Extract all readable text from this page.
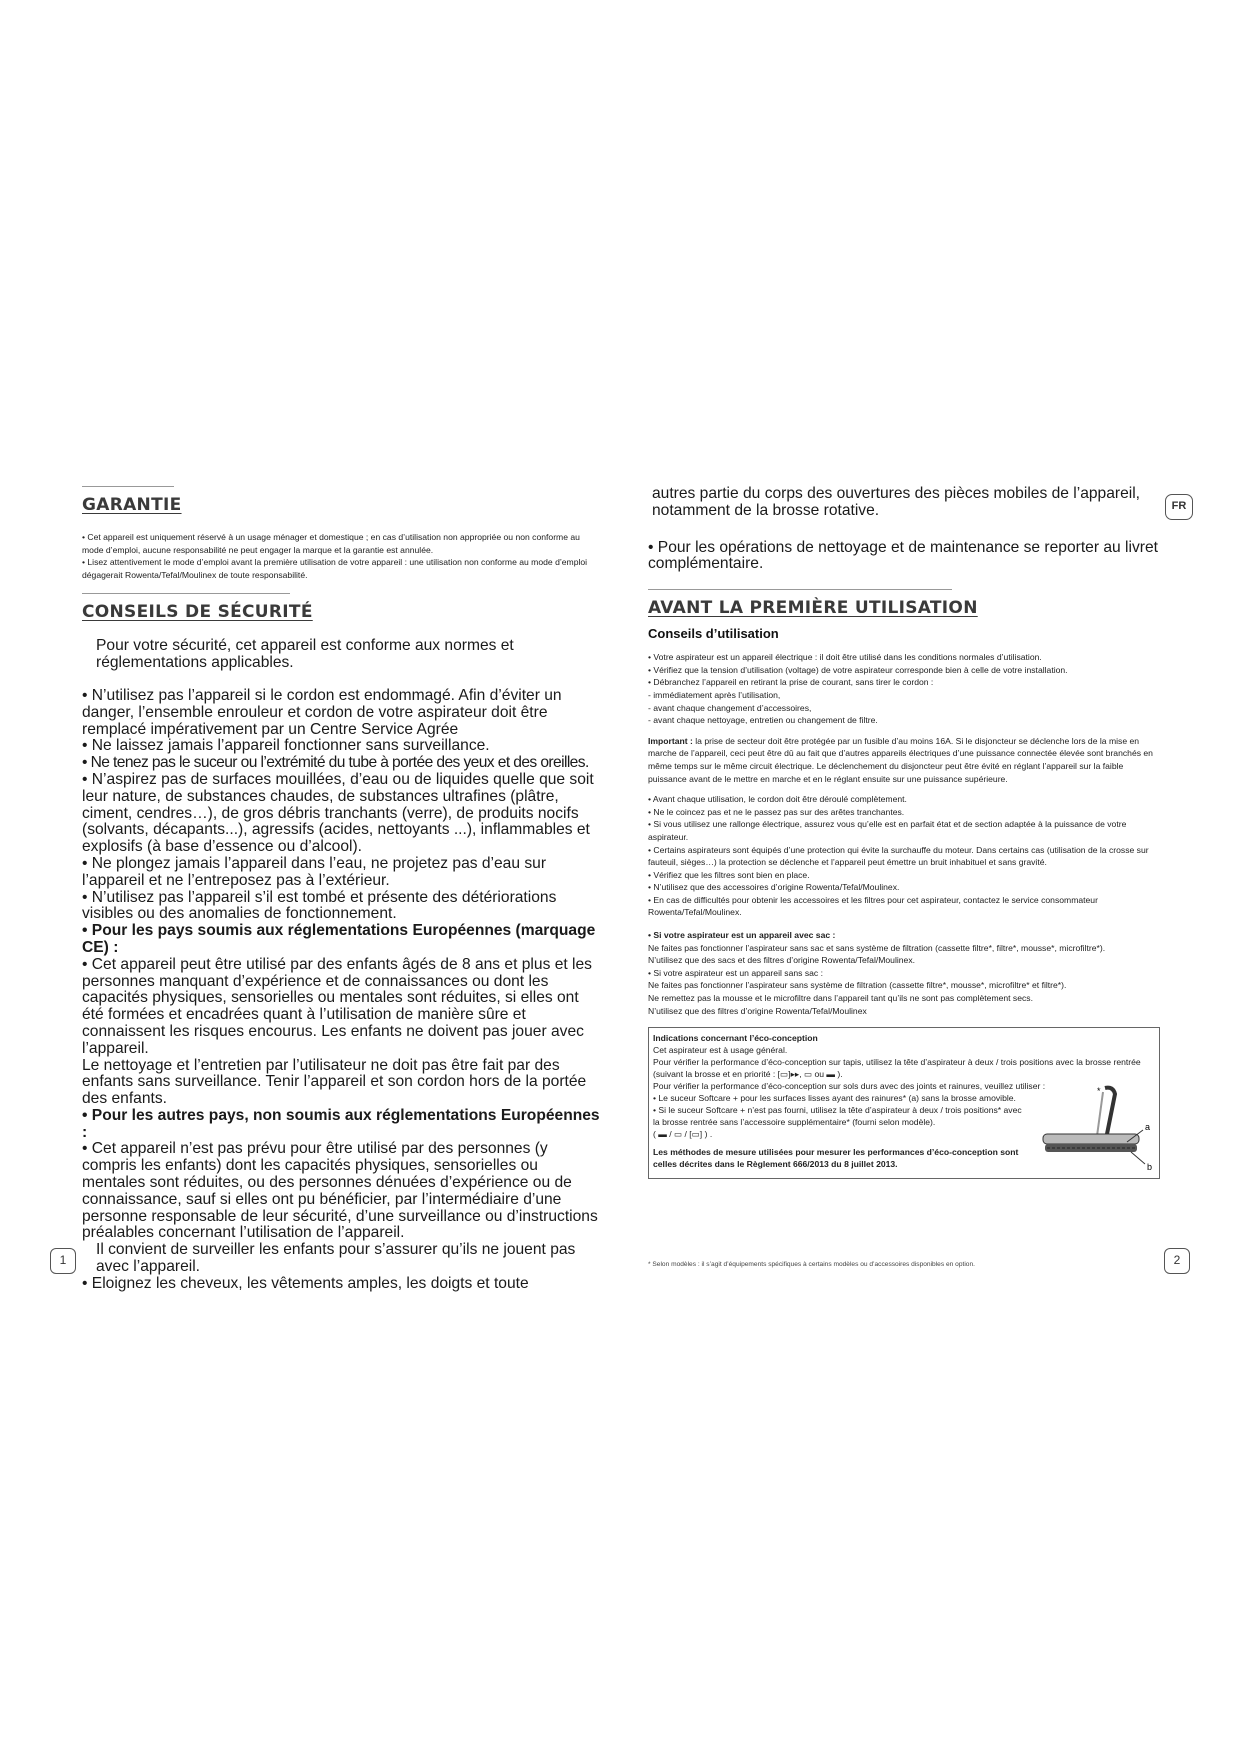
GARANTIE

• Cet appareil est uniquement réservé à un usage ménager et domestique ; en cas d’utilisation non appropriée ou non conforme au mode d’emploi, aucune responsabilité ne peut engager la marque et la garantie est annulée.

• Lisez attentivement le mode d’emploi avant la première utilisation de votre appareil : une utilisation non conforme au mode d’emploi dégagerait Rowenta/Tefal/Moulinex de toute responsabilité.

CONSEILS DE SÉCURITÉ

Pour votre sécurité, cet appareil est conforme aux normes et réglementations applicables.

• N’utilisez pas l’appareil si le cordon est endommagé. Afin d’éviter un danger, l’ensemble enrouleur et cordon de votre aspirateur doit être remplacé impérativement par un Centre Service Agrée

• Ne laissez jamais l’appareil fonctionner sans surveillance.

• Ne tenez pas le suceur ou l’extrémité du tube à portée des yeux et des oreilles.

• N’aspirez pas de surfaces mouillées, d’eau ou de liquides quelle que soit leur nature, de substances chaudes, de substances ultrafines (plâtre, ciment, cendres…), de gros débris tranchants (verre), de produits nocifs (solvants, décapants...), agressifs (acides, nettoyants ...), inflammables et explosifs (à base d’essence ou d’alcool).

• Ne plongez jamais l’appareil dans l’eau, ne projetez pas d’eau sur l’appareil et ne l’entreposez pas à l’extérieur.

• N’utilisez pas l’appareil s’il est tombé et présente des détériorations visibles ou des anomalies de fonctionnement.

• Pour les pays soumis aux réglementations Européennes (marquage CE) :

• Cet appareil peut être utilisé par des enfants âgés de 8 ans et plus et les personnes manquant d’expérience et de connaissances ou dont les capacités physiques, sensorielles ou mentales sont réduites, si elles ont été formées et encadrées quant à l’utilisation de manière sûre et connaissent les risques encourus. Les enfants ne doivent pas jouer avec l’appareil.

Le nettoyage et l’entretien par l’utilisateur ne doit pas être fait par des enfants sans surveillance. Tenir l’appareil et son cordon hors de la portée des enfants.

• Pour les autres pays, non soumis aux réglementations Européennes :

• Cet appareil n’est pas prévu pour être utilisé par des personnes (y compris les enfants) dont les capacités physiques, sensorielles ou mentales sont réduites, ou des personnes dénuées d’expérience ou de connaissance, sauf si elles ont pu bénéficier, par l’intermédiaire d’une personne responsable de leur sécurité, d’une surveillance ou d’instructions préalables concernant l’utilisation de l’appareil.

Il convient de surveiller les enfants pour s’assurer qu’ils ne jouent pas avec l’appareil.

• Eloignez les cheveux, les vêtements amples, les doigts et toute

1

autres partie du corps des ouvertures des pièces mobiles de l’appareil, notamment de la brosse rotative.

• Pour les opérations de nettoyage et de maintenance se reporter au livret complémentaire.

AVANT LA PREMIÈRE UTILISATION
Conseils d’utilisation

• Votre aspirateur est un appareil électrique : il doit être utilisé dans les conditions normales d’utilisation.

• Vérifiez que la tension d’utilisation (voltage) de votre aspirateur corresponde bien à celle de votre installation.

• Débranchez l’appareil en retirant la prise de courant, sans tirer le cordon :

- immédiatement après l’utilisation,

- avant chaque changement d’accessoires,

- avant chaque nettoyage, entretien ou changement de filtre.

Important : la prise de secteur doit être protégée par un fusible d’au moins 16A. Si le disjoncteur se déclenche lors de la mise en marche de l’appareil, ceci peut être dû au fait que d’autres appareils électriques d’une puissance connectée élevée sont branchés en même temps sur le même circuit électrique. Le déclenchement du disjoncteur peut être évité en réglant l’appareil sur la faible puissance avant de le mettre en marche et en le réglant ensuite sur une puissance supérieure.

• Avant chaque utilisation, le cordon doit être déroulé complètement.

• Ne le coincez pas et ne le passez pas sur des arêtes tranchantes.

• Si vous utilisez une rallonge électrique, assurez vous qu’elle est en parfait état et de section adaptée à la puissance de votre aspirateur.

• Certains aspirateurs sont équipés d’une protection qui évite la surchauffe du moteur. Dans certains cas (utilisation de la crosse sur fauteuil, sièges…) la protection se déclenche et l’appareil peut émettre un bruit inhabituel et sans gravité.

• Vérifiez que les filtres sont bien en place.

• N’utilisez que des accessoires d’origine Rowenta/Tefal/Moulinex.

• En cas de difficultés pour obtenir les accessoires et les filtres pour cet aspirateur, contactez le service consommateur Rowenta/Tefal/Moulinex.

• Si votre aspirateur est un appareil avec sac :

Ne faites pas fonctionner l’aspirateur sans sac et sans système de filtration (cassette filtre*, filtre*, mousse*, microfiltre*).

N’utilisez que des sacs et des filtres d’origine Rowenta/Tefal/Moulinex.

• Si votre aspirateur est un appareil sans sac :

Ne faites pas fonctionner l’aspirateur sans système de filtration (cassette filtre*, mousse*, microfiltre* et filtre*).

Ne remettez pas la mousse et le microfiltre dans l’appareil tant qu’ils ne sont pas complètement secs.

N’utilisez que des filtres d’origine Rowenta/Tefal/Moulinex

Indications concernant l’éco-conception
Cet aspirateur est à usage général.
Pour vérifier la performance d’éco-conception sur tapis, utilisez la tête d’aspirateur à deux / trois positions avec la brosse rentrée (suivant la brosse et en priorité : [▭]▸▸, ▭ ou ▬ ).
Pour vérifier la performance d’éco-conception sur sols durs avec des joints et rainures, veuillez utiliser :
• Le suceur Softcare + pour les surfaces lisses ayant des rainures* (a) sans la brosse amovible.
• Si le suceur Softcare + n’est pas fourni, utilisez la tête d’aspirateur à deux / trois positions* avec la brosse rentrée sans l’accessoire supplémentaire* (fourni selon modèle).
( ▬ / ▭ / [▭] ) .
Les méthodes de mesure utilisées pour mesurer les performances d’éco-conception sont celles décrites dans le Règlement 666/2013 du 8 juillet 2013.
a
b
*
FR
* Selon modèles : il s’agit d’équipements spécifiques à certains modèles ou d’accessoires disponibles en option.	2
